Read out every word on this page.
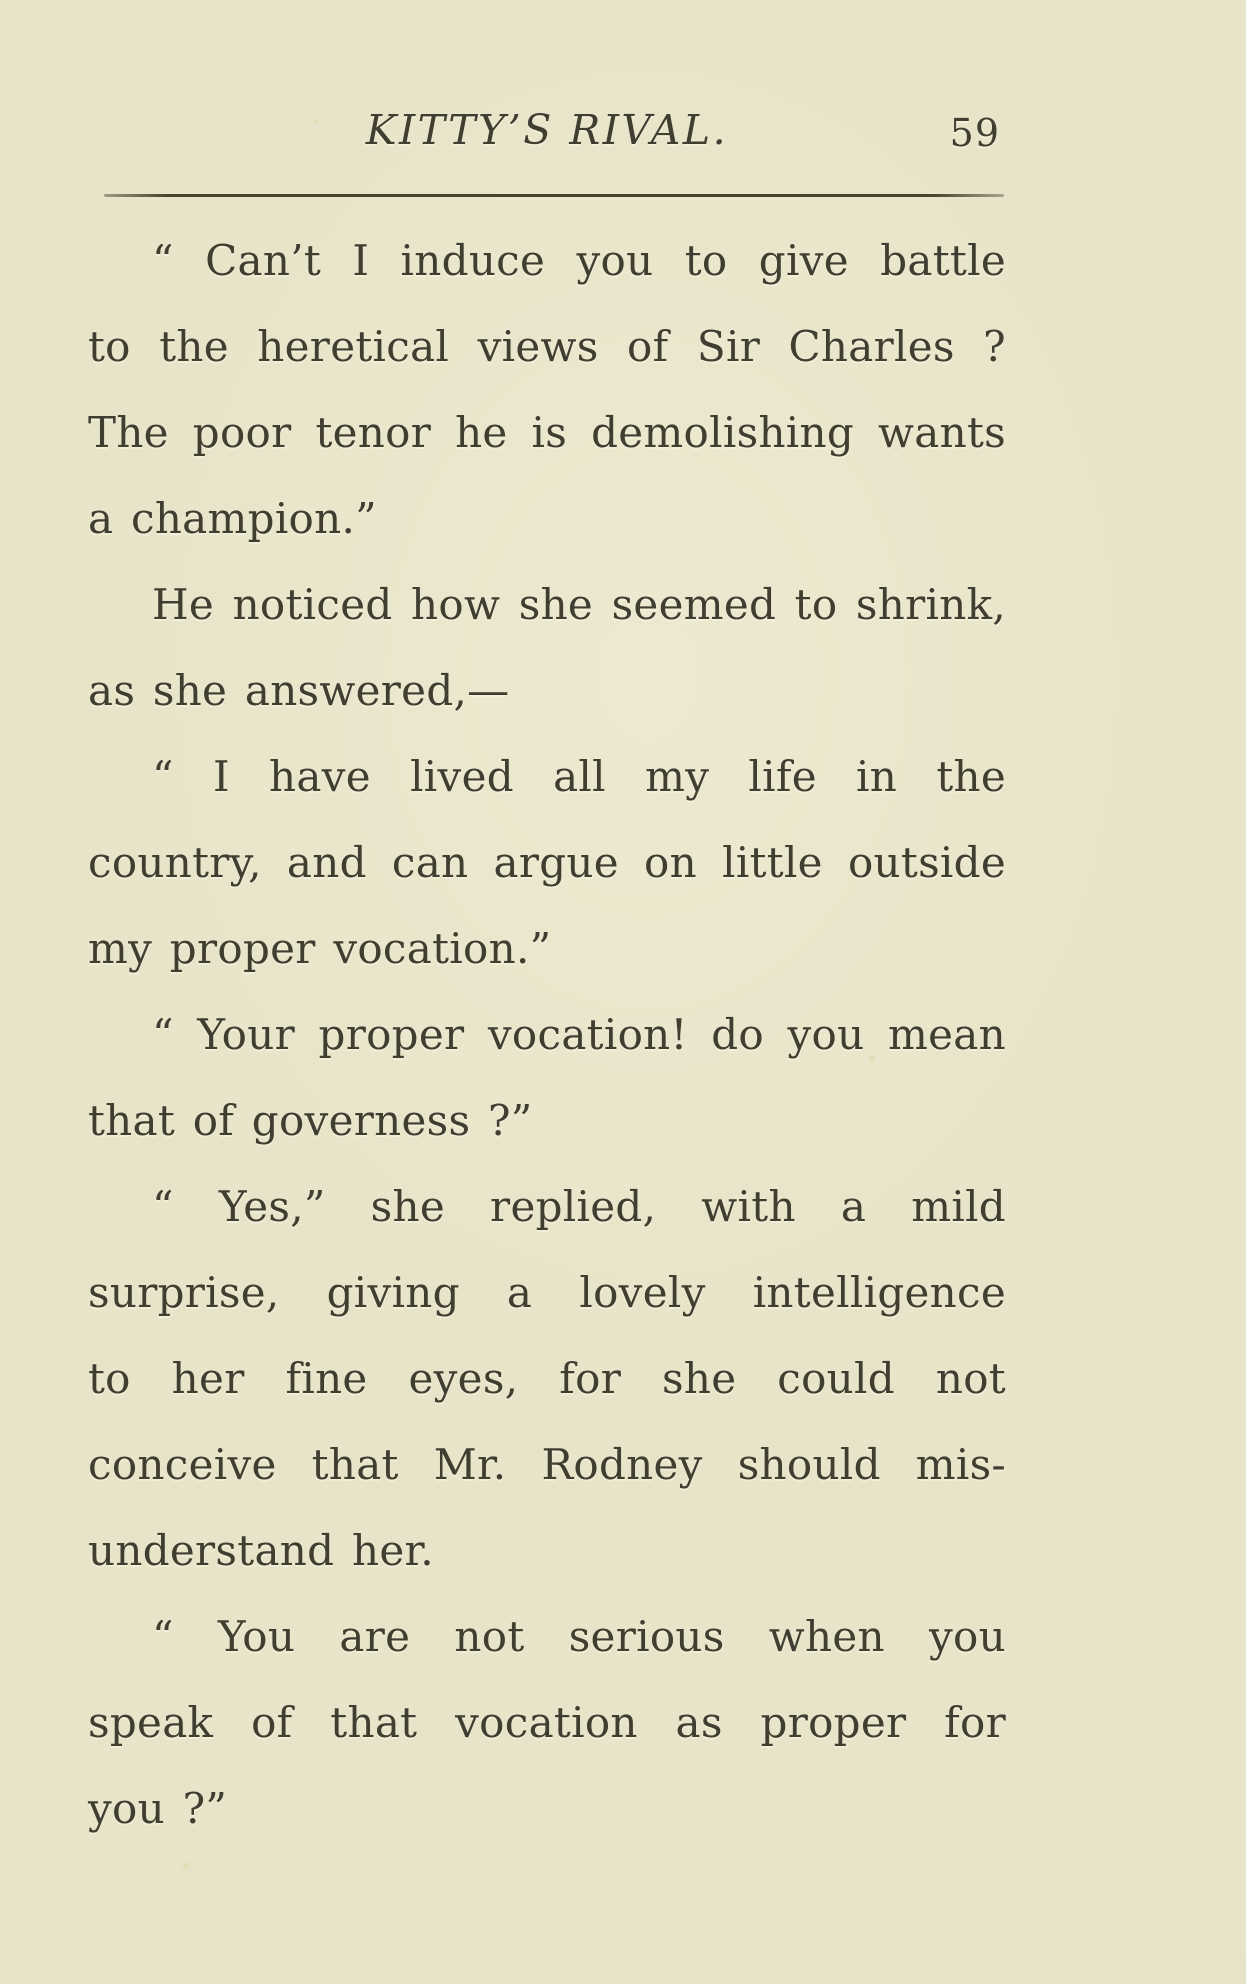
KITTY’S RIVAL.	59
“ Can’t I induce you to give battle
to the heretical views of Sir Charles ?
The poor tenor he is demolishing wants
a champion.”
He noticed how she seemed to shrink,
as she answered,—
“ I have lived all my life in the
country, and can argue on little outside
my proper vocation.”
“ Your proper vocation! do you mean
that of governess ?”
“ Yes,” she replied, with a mild
surprise, giving a lovely intelligence
to her fine eyes, for she could not
conceive that Mr. Rodney should mis-
understand her.
“ You are not serious when you
speak of that vocation as proper for
you ?”
